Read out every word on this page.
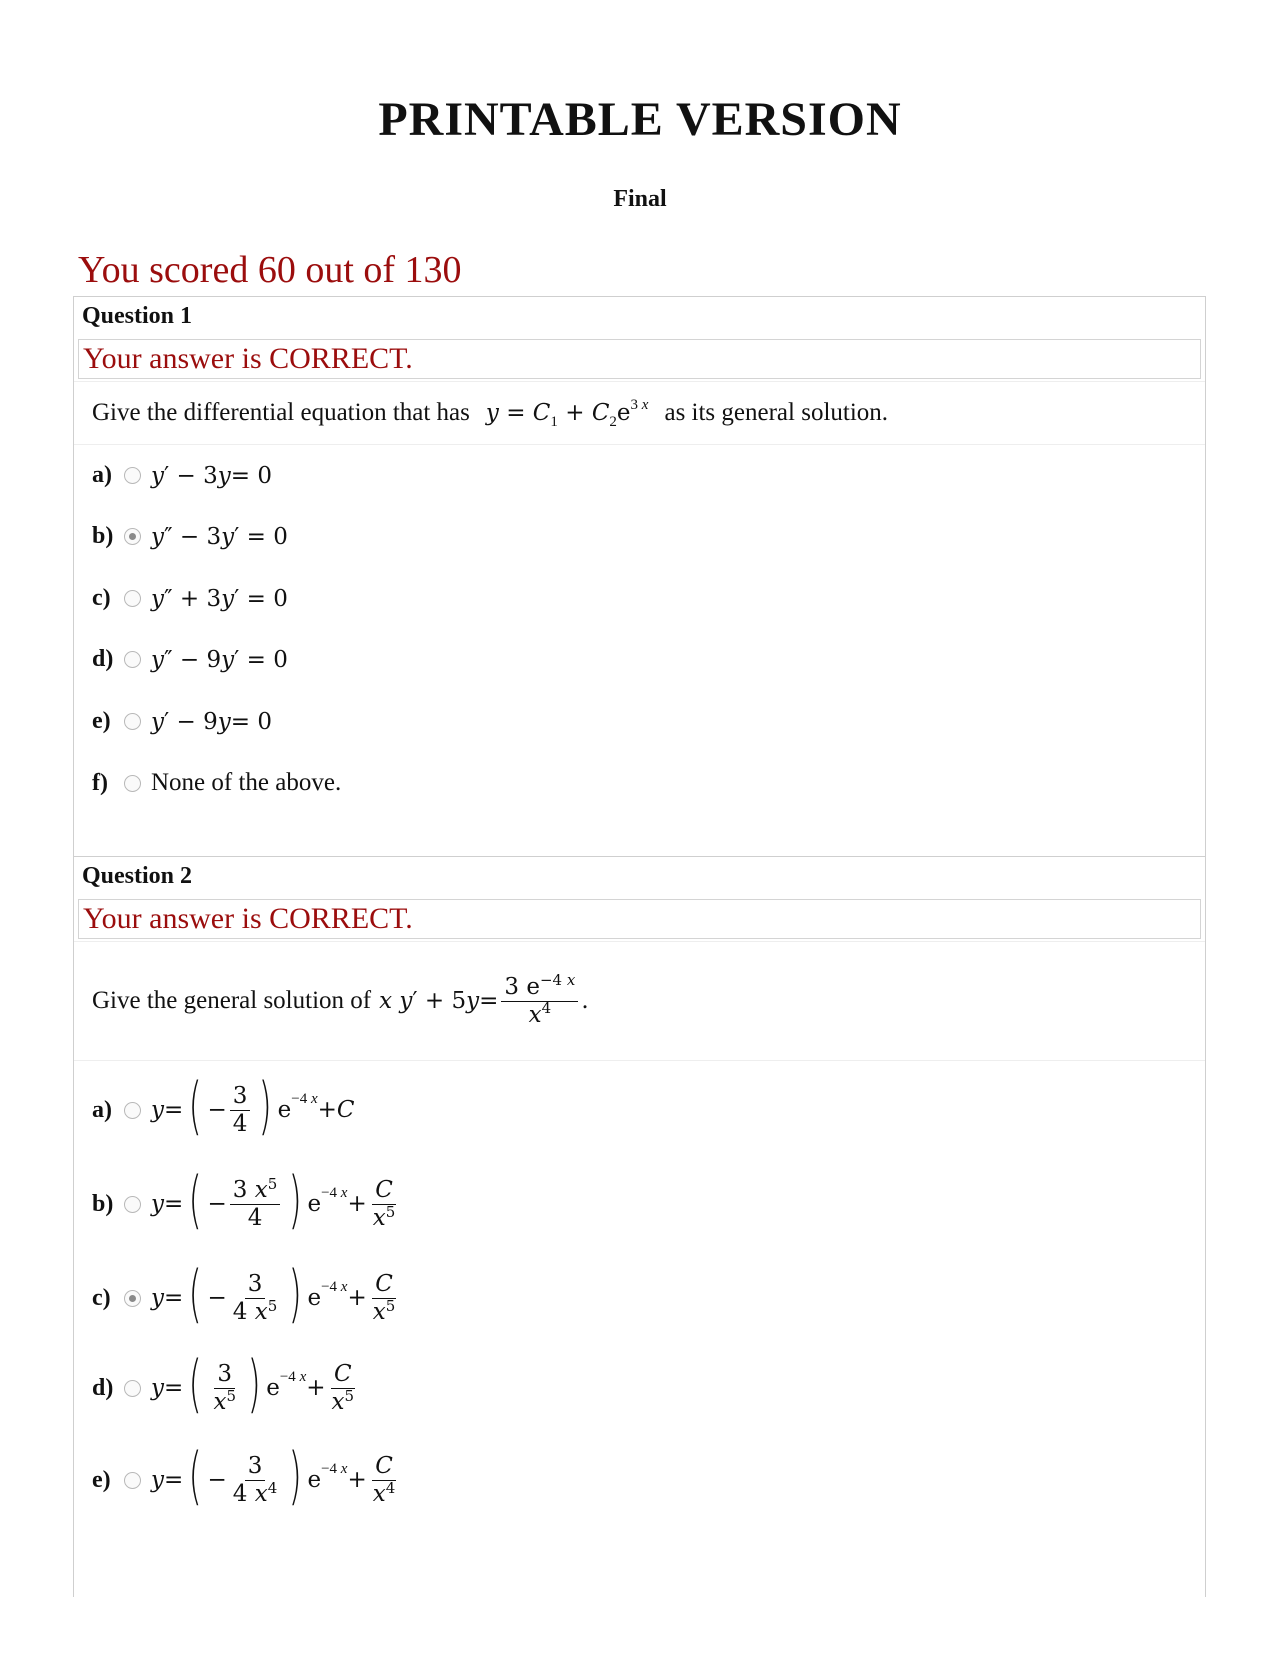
PRINTABLE VERSION
Final
You scored 60 out of 130
Question 1
Your answer is CORRECT.
Give the differential equation that has $y = C_1 + C_2e^{3 x}$ as its general solution.
a)	y ′ − 3 y = 0
b)	y ″ − 3 y ′ = 0
c)	y ″ + 3 y ′ = 0
d)	y ″ − 9 y ′ = 0
e)	y ′ − 9 y = 0
f)	None of the above.
Question 2
Your answer is CORRECT.
Give the general solution of x y ′ + 5 $y = \frac{3 e^{-4 x}}{x^4}$ .
a)	y = ( − $\frac{3}{4}$ ) e −4 x + C
b)	y = ( − $\frac{3 x^5}{4}$ ) e −4 $x + \frac{C}{x^5}$
c)	y = ( − $\frac{3}{4 x^5}$ ) e −4 $x + \frac{C}{x^5}$
d)	y = ( $\frac{3}{x^5}$ ) e −4 $x + \frac{C}{x^5}$
e)	y = ( − $\frac{3}{4 x^4}$ ) e −4 $x + \frac{C}{x^4}$
